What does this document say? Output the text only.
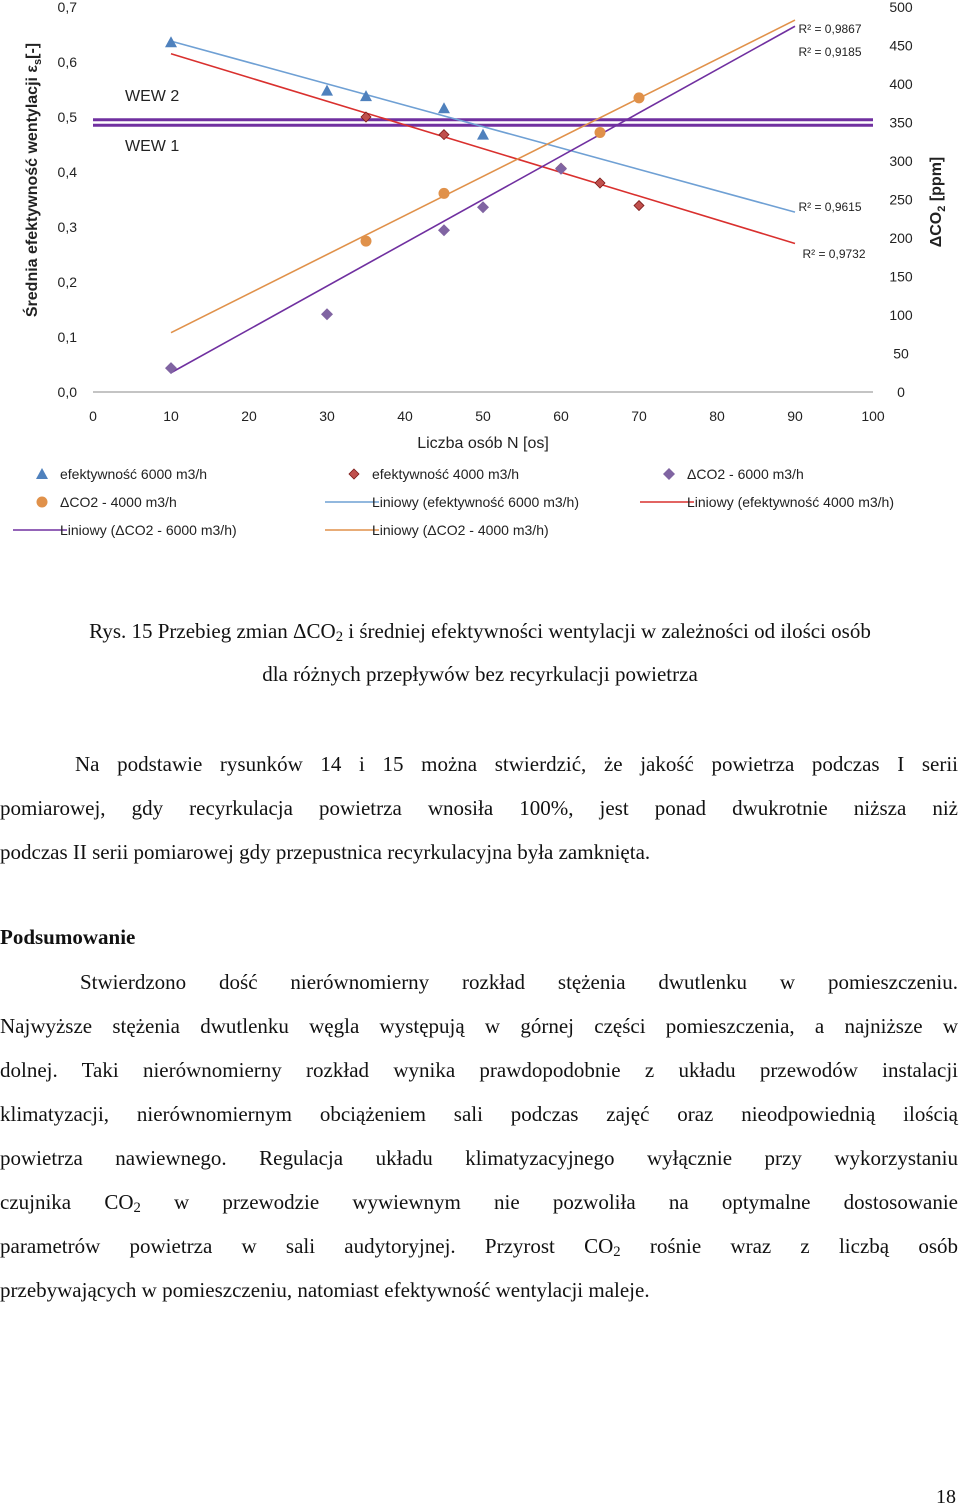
0	10	20	30	40	50	60	70	80	90	100
0,0
0,1
0,2
0,3
0,4
0,5
0,6
0,7
0
50
100
150
200
250
300
350
400
450
500
Liczba osób N [os]
Średnia efektywność wentylacji $\varepsilon_s[-]$
$\Delta CO_2$ [ppm]
WEW 2
WEW 1
R² = 0,9867
R² = 0,9185
R² = 0,9615
R² = 0,9732
efektywność 6000 m3/h	efektywność 4000 m3/h	ΔCO2 - 6000 m3/h
ΔCO2 - 4000 m3/h	Liniowy (efektywność 6000 m3/h)	Liniowy (efektywność 4000 m3/h)
Liniowy (ΔCO2 - 6000 m3/h)	Liniowy (ΔCO2 - 4000 m3/h)
Rys. 15 Przebieg zmian $\Delta CO_2$ i średniej efektywności wentylacji w zależności od ilości osób
dla różnych przepływów bez recyrkulacji powietrza
Na podstawie rysunków 14 i 15 można stwierdzić, że jakość powietrza podczas I serii
pomiarowej, gdy recyrkulacja powietrza wnosiła 100%, jest ponad dwukrotnie niższa niż
podczas II serii pomiarowej gdy przepustnica recyrkulacyjna była zamknięta.
Podsumowanie
Stwierdzono dość nierównomierny rozkład stężenia dwutlenku w pomieszczeniu.
Najwyższe stężenia dwutlenku węgla występują w górnej części pomieszczenia, a najniższe w
dolnej. Taki nierównomierny rozkład wynika prawdopodobnie z układu przewodów instalacji
klimatyzacji, nierównomiernym obciążeniem sali podczas zajęć oraz nieodpowiednią ilością
powietrza nawiewnego. Regulacja układu klimatyzacyjnego wyłącznie przy wykorzystaniu
czujnika $CO_2$ w przewodzie wywiewnym nie pozwoliła na optymalne dostosowanie
parametrów powietrza w sali audytoryjnej. Przyrost $CO_2$ rośnie wraz z liczbą osób
przebywających w pomieszczeniu, natomiast efektywność wentylacji maleje.
18
